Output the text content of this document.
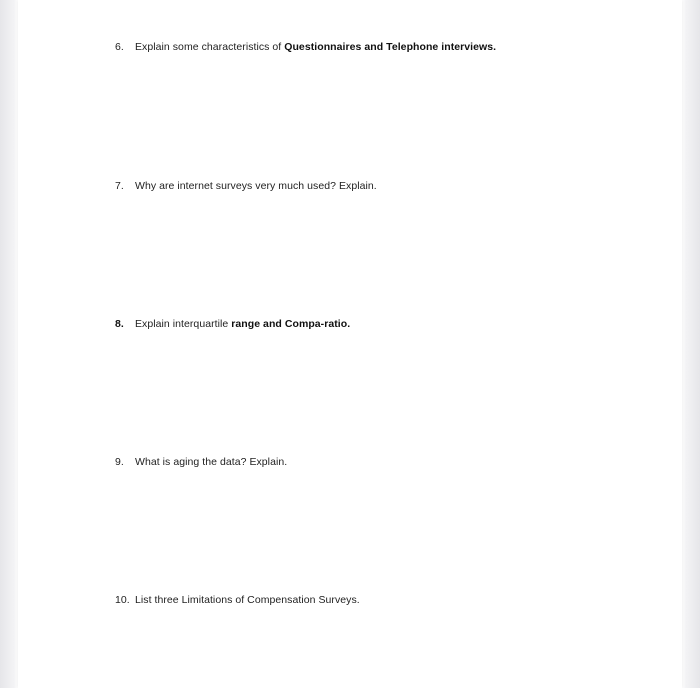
6. Explain some characteristics of Questionnaires and Telephone interviews.
7. Why are internet surveys very much used? Explain.
8. Explain interquartile range and Compa-ratio.
9. What is aging the data? Explain.
10. List three Limitations of Compensation Surveys.
